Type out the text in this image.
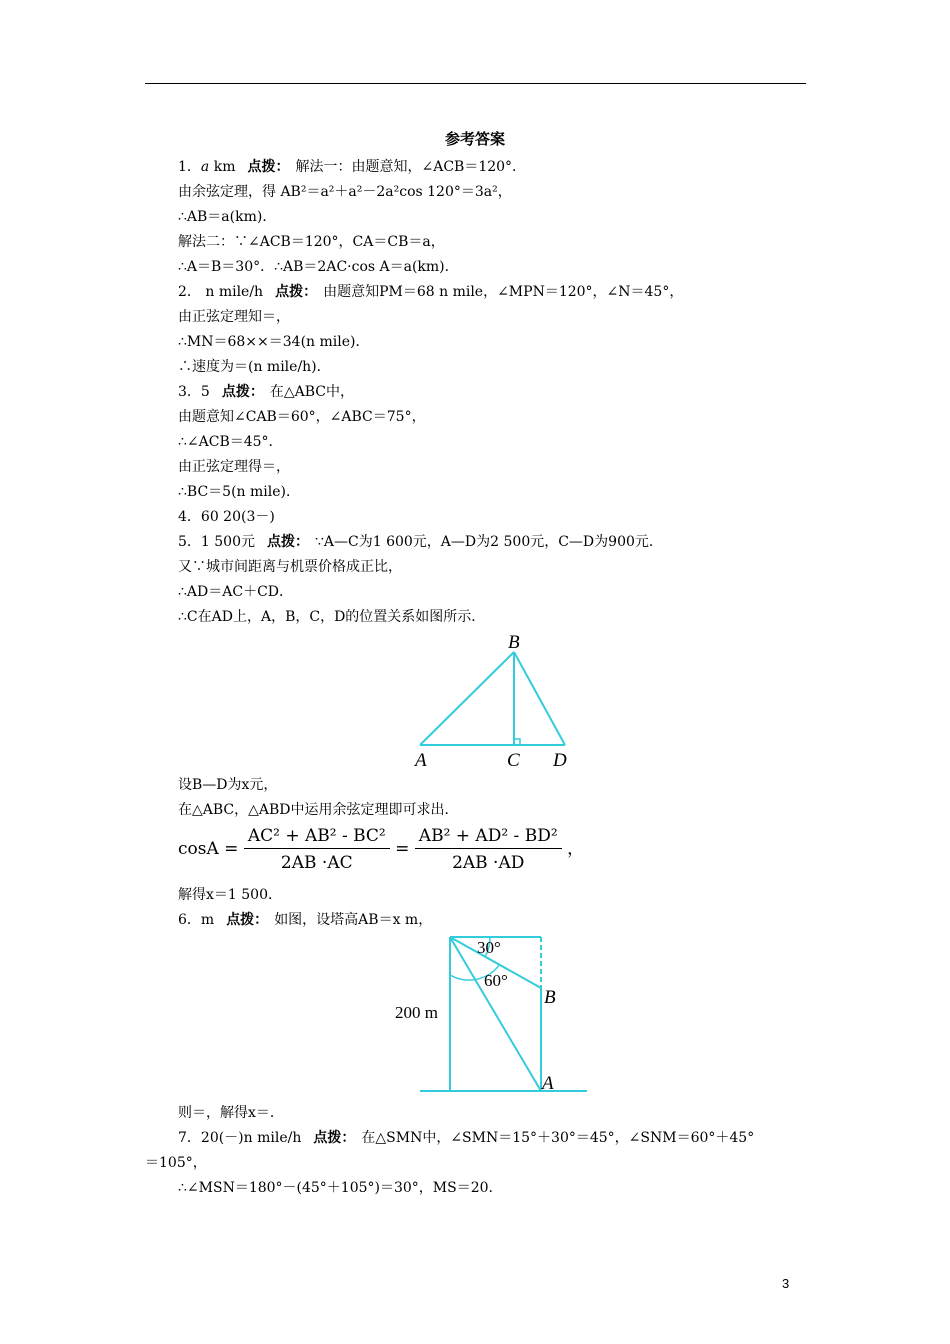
参考答案
1．a km 点拨： 解法一：由题意知，∠ACB＝120°．
由余弦定理，得 AB²＝a²＋a²－2a²cos 120°＝3a²，
∴AB＝a(km)．
解法二：∵∠ACB＝120°，CA＝CB＝a，
∴A＝B＝30°．∴AB＝2AC·cos A＝a(km)．
2． n mile/h 点拨： 由题意知PM＝68 n mile，∠MPN＝120°，∠N＝45°，
由正弦定理知＝，
∴MN＝68××＝34(n mile)．
∴速度为＝(n mile/h)．
3．5 点拨： 在△ABC中，
由题意知∠CAB＝60°，∠ABC＝75°，
∴∠ACB＝45°．
由正弦定理得＝，
∴BC＝5(n mile)．
4．60 20(3－)
5．1 500元 点拨： ∵A—C为1 600元，A—D为2 500元，C—D为900元．
又∵城市间距离与机票价格成正比，
∴AD＝AC＋CD．
∴C在AD上，A，B，C，D的位置关系如图所示．
B
A	C D
设B—D为x元，
在△ABC，△ABD中运用余弦定理即可求出．
$\cos A = \frac{\text{AC² + AB² - BC²}}{2AB \cdot AC} = \frac{\text{AB² + AD² - BD²}}{2AB \cdot AD}$ ，
解得x＝1 500．
6．m 点拨： 如图，设塔高AB＝x m，
30°
60°
B
A
200 m
则＝，解得x＝．
7．20(－)n mile/h 点拨： 在△SMN中，∠SMN＝15°＋30°＝45°，∠SNM＝60°＋45°
＝105°，
∴∠MSN＝180°－(45°＋105°)＝30°，MS＝20.
3
